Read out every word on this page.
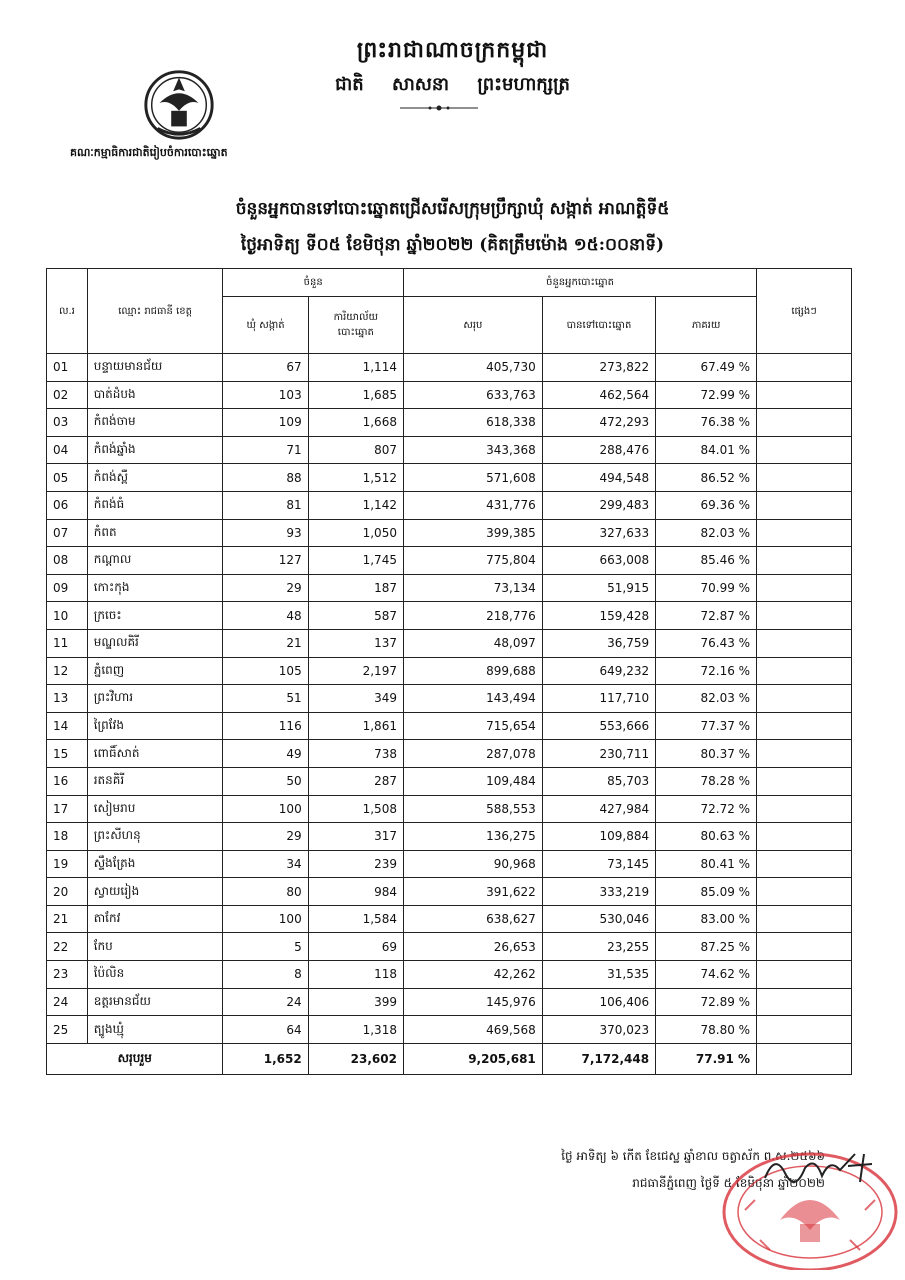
ព្រះរាជាណាចក្រកម្ពុជា
ជាតិ សាសនា ព្រះមហាក្សត្រ
គណៈកម្មាធិការជាតិរៀបចំការបោះឆ្នោត
ចំនួនអ្នកបានទៅបោះឆ្នោតជ្រើសរើសក្រុមប្រឹក្សាឃុំ សង្កាត់ អាណត្តិទី៥
ថ្ងៃអាទិត្យ ទី០៥ ខែមិថុនា ឆ្នាំ២០២២ (គិតត្រឹមម៉ោង ១៥:០០នាទី)
ល.រ	ឈ្មោះ រាជធានី ខេត្ត	ចំនួន		ចំនួនអ្នកបោះឆ្នោត			ផ្សេងៗ
		ឃុំ សង្កាត់	ការិយាល័យ
បោះឆ្នោត	សរុប	បានទៅបោះឆ្នោត	ភាគរយ	
01	បន្ទាយមានជ័យ	67	1,114	405,730	273,822	67.49 %	
02	បាត់ដំបង	103	1,685	633,763	462,564	72.99 %	
03	កំពង់ចាម	109	1,668	618,338	472,293	76.38 %	
04	កំពង់ឆ្នាំង	71	807	343,368	288,476	84.01 %	
05	កំពង់ស្ពឺ	88	1,512	571,608	494,548	86.52 %	
06	កំពង់ធំ	81	1,142	431,776	299,483	69.36 %	
07	កំពត	93	1,050	399,385	327,633	82.03 %	
08	កណ្ដាល	127	1,745	775,804	663,008	85.46 %	
09	កោះកុង	29	187	73,134	51,915	70.99 %	
10	ក្រចេះ	48	587	218,776	159,428	72.87 %	
11	មណ្ឌលគិរី	21	137	48,097	36,759	76.43 %	
12	ភ្នំពេញ	105	2,197	899,688	649,232	72.16 %	
13	ព្រះវិហារ	51	349	143,494	117,710	82.03 %	
14	ព្រៃវែង	116	1,861	715,654	553,666	77.37 %	
15	ពោធិ៍សាត់	49	738	287,078	230,711	80.37 %	
16	រតនគិរី	50	287	109,484	85,703	78.28 %	
17	សៀមរាប	100	1,508	588,553	427,984	72.72 %	
18	ព្រះសីហនុ	29	317	136,275	109,884	80.63 %	
19	ស្ទឹងត្រែង	34	239	90,968	73,145	80.41 %	
20	ស្វាយរៀង	80	984	391,622	333,219	85.09 %	
21	តាកែវ	100	1,584	638,627	530,046	83.00 %	
22	កែប	5	69	26,653	23,255	87.25 %	
23	ប៉ៃលិន	8	118	42,262	31,535	74.62 %	
24	ឧត្ដរមានជ័យ	24	399	145,976	106,406	72.89 %	
25	ត្បូងឃ្មុំ	64	1,318	469,568	370,023	78.80 %	
សរុបរួម		1,652	23,602	9,205,681	7,172,448	77.91 %	
ថ្ងៃ អាទិត្យ ៦ កើត ខែជេស្ឋ ឆ្នាំខាល ចត្វាស័ក ព.ស.២៥៦៦
រាជធានីភ្នំពេញ ថ្ងៃទី ៥ ខែមិថុនា ឆ្នាំ២០២២
